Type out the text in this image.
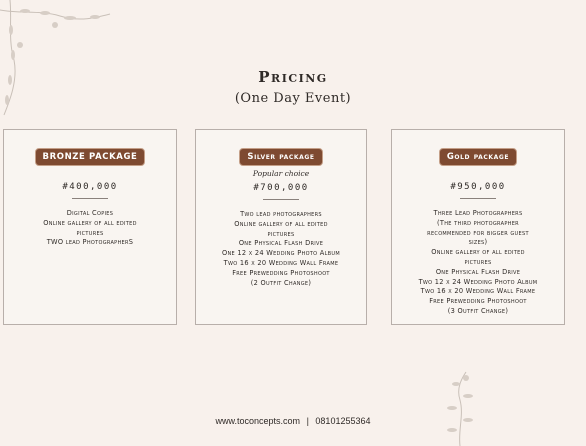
Pricing
(One Day Event)
BRONZE PACKAGE
#400,000
Digital Copies
Online gallery of all edited
pictures
TWO lead PhotographerS
Silver package
Popular choice
#700,000
Two lead photographers
Online gallery of all edited
pictures
One Physical Flash Drive
One 12 x 24 Wedding Photo Album
Two 16 x 20 Wedding Wall Frame
Free Prewedding Photoshoot
(2 Outfit Change)
Gold package
#950,000
Three Lead Photographers
(The third photographer
recommended for bigger guest
sizes)
Online gallery of all edited
pictures
One Physical Flash Drive
Two 12 x 24 Wedding Photo Album
Two 16 x 20 Wedding Wall Frame
Free Prewedding Photoshoot
(3 Outfit Change)
www.toconcepts.com | 08101255364
